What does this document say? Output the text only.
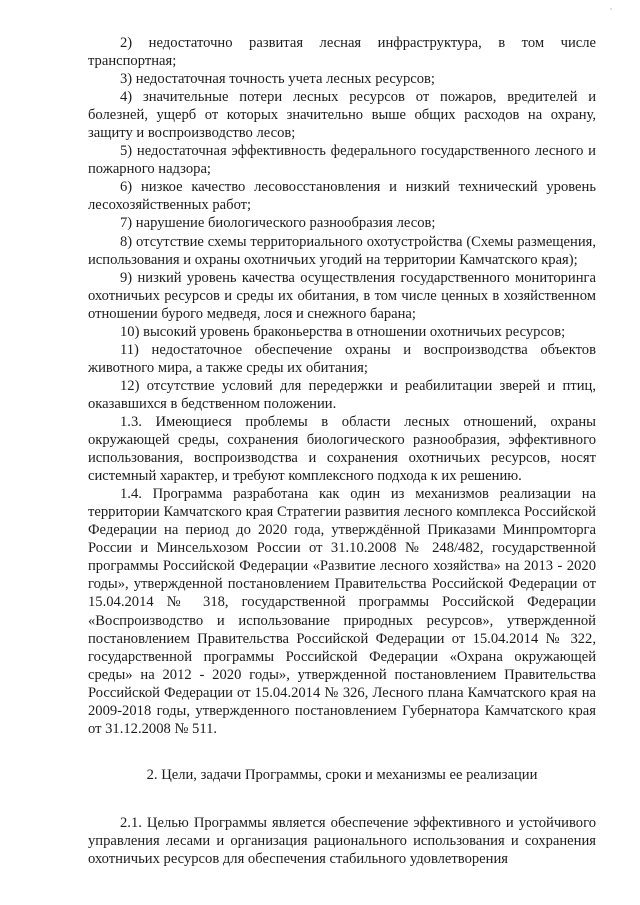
'

2) недостаточно развитая лесная инфраструктура, в том числе транспортная;

3) недостаточная точность учета лесных ресурсов;

4) значительные потери лесных ресурсов от пожаров, вредителей и болезней, ущерб от которых значительно выше общих расходов на охрану, защиту и воспроизводство лесов;

5) недостаточная эффективность федерального государственного лесного и пожарного надзора;

6) низкое качество лесовосстановления и низкий технический уровень лесохозяйственных работ;

7) нарушение биологического разнообразия лесов;

8) отсутствие схемы территориального охотустройства (Схемы размещения, использования и охраны охотничьих угодий на территории Камчатского края);

9) низкий уровень качества осуществления государственного мониторинга охотничьих ресурсов и среды их обитания, в том числе ценных в хозяйственном отношении бурого медведя, лося и снежного барана;

10) высокий уровень браконьерства в отношении охотничьих ресурсов;

11) недостаточное обеспечение охраны и воспроизводства объектов животного мира, а также среды их обитания;

12) отсутствие условий для передержки и реабилитации зверей и птиц, оказавшихся в бедственном положении.

1.3. Имеющиеся проблемы в области лесных отношений, охраны окружающей среды, сохранения биологического разнообразия, эффективного использования, воспроизводства и сохранения охотничьих ресурсов, носят системный характер, и требуют комплексного подхода к их решению.

1.4. Программа разработана как один из механизмов реализации на территории Камчатского края Стратегии развития лесного комплекса Российской Федерации на период до 2020 года, утверждённой Приказами Минпромторга России и Минсельхозом России от 31.10.2008 № 248/482, государственной программы Российской Федерации «Развитие лесного хозяйства» на 2013 - 2020 годы», утвержденной постановлением Правительства Российской Федерации от 15.04.2014 № 318, государственной программы Российской Федерации «Воспроизводство и использование природных ресурсов», утвержденной постановлением Правительства Российской Федерации от 15.04.2014 № 322, государственной программы Российской Федерации «Охрана окружающей среды» на 2012 - 2020 годы», утвержденной постановлением Правительства Российской Федерации от 15.04.2014 № 326, Лесного плана Камчатского края на 2009-2018 годы, утвержденного постановлением Губернатора Камчатского края от 31.12.2008 № 511.

2. Цели, задачи Программы, сроки и механизмы ее реализации

2.1. Целью Программы является обеспечение эффективного и устойчивого управления лесами и организация рационального использования и сохранения охотничьих ресурсов для обеспечения стабильного удовлетворения
